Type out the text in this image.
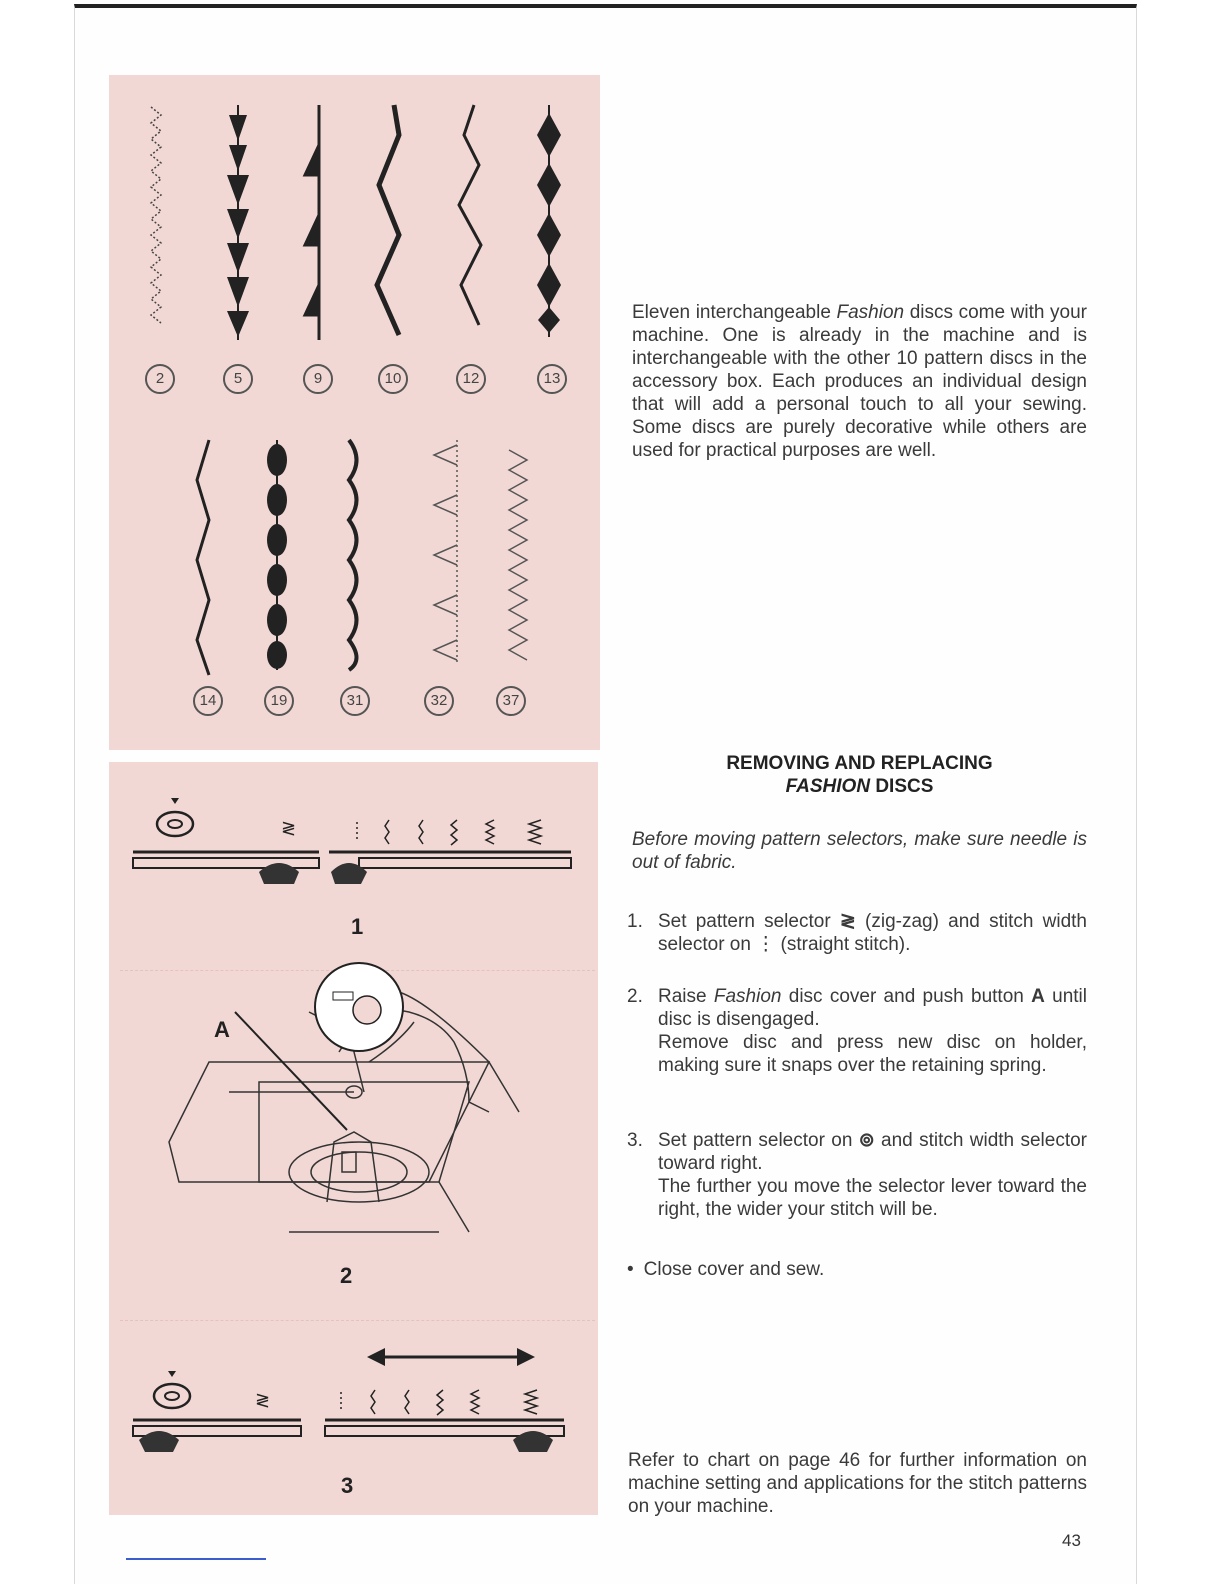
2	5	9	10	12	13
14	19	31	32	37
≷
1
A
2
≷
3
Eleven interchangeable Fashion discs come with your machine. One is already in the machine and is interchangeable with the other 10 pattern discs in the accessory box. Each produces an individual design that will add a personal touch to all your sewing. Some discs are purely decorative while others are used for practical purposes are well.
REMOVING AND REPLACING
FASHION DISCS
Before moving pattern selectors, make sure needle is out of fabric.
1. Set pattern selector ≷ (zig-zag) and stitch width selector on ⋮ (straight stitch).
2. Raise Fashion disc cover and push button A until disc is disengaged.
Remove disc and press new disc on holder, making sure it snaps over the retaining spring.
3. Set pattern selector on ⊚ and stitch width selector toward right.
The further you move the selector lever toward the right, the wider your stitch will be.
• Close cover and sew.
Refer to chart on page 46 for further information on machine setting and applications for the stitch patterns on your machine.
43
